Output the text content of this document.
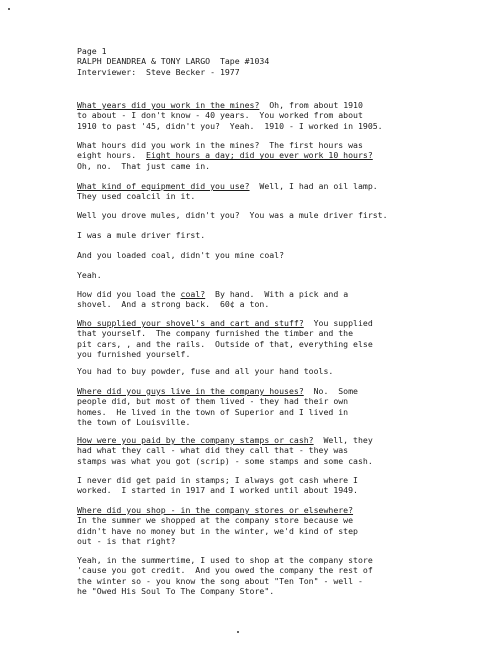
Page 1
RALPH DEANDREA & TONY LARGO  Tape #1034
Interviewer:  Steve Becker - 1977
What years did you work in the mines?  Oh, from about 1910
to about - I don't know - 40 years.  You worked from about
1910 to past '45, didn't you?  Yeah.  1910 - I worked in 1905.
What hours did you work in the mines?  The first hours was
eight hours.  Eight hours a day; did you ever work 10 hours?
Oh, no.  That just came in.
What kind of equipment did you use?  Well, I had an oil lamp.
They used coalcil in it.
Well you drove mules, didn't you?  You was a mule driver first.
I was a mule driver first.
And you loaded coal, didn't you mine coal?
Yeah.
How did you load the coal?  By hand.  With a pick and a
shovel.  And a strong back.  60¢ a ton.
Who supplied your shovel's and cart and stuff?  You supplied
that yourself.  The company furnished the timber and the
pit cars, , and the rails.  Outside of that, everything else
you furnished yourself.
You had to buy powder, fuse and all your hand tools.
Where did you guys live in the company houses?  No.  Some
people did, but most of them lived - they had their own
homes.  He lived in the town of Superior and I lived in
the town of Louisville.
How were you paid by the company stamps or cash?  Well, they
had what they call - what did they call that - they was
stamps was what you got (scrip) - some stamps and some cash.
I never did get paid in stamps; I always got cash where I
worked.  I started in 1917 and I worked until about 1949.
Where did you shop - in the company stores or elsewhere?
In the summer we shopped at the company store because we
didn't have no money but in the winter, we'd kind of step
out - is that right?
Yeah, in the summertime, I used to shop at the company store
'cause you got credit.  And you owed the company the rest of
the winter so - you know the song about "Ten Ton" - well -
he "Owed His Soul To The Company Store".
